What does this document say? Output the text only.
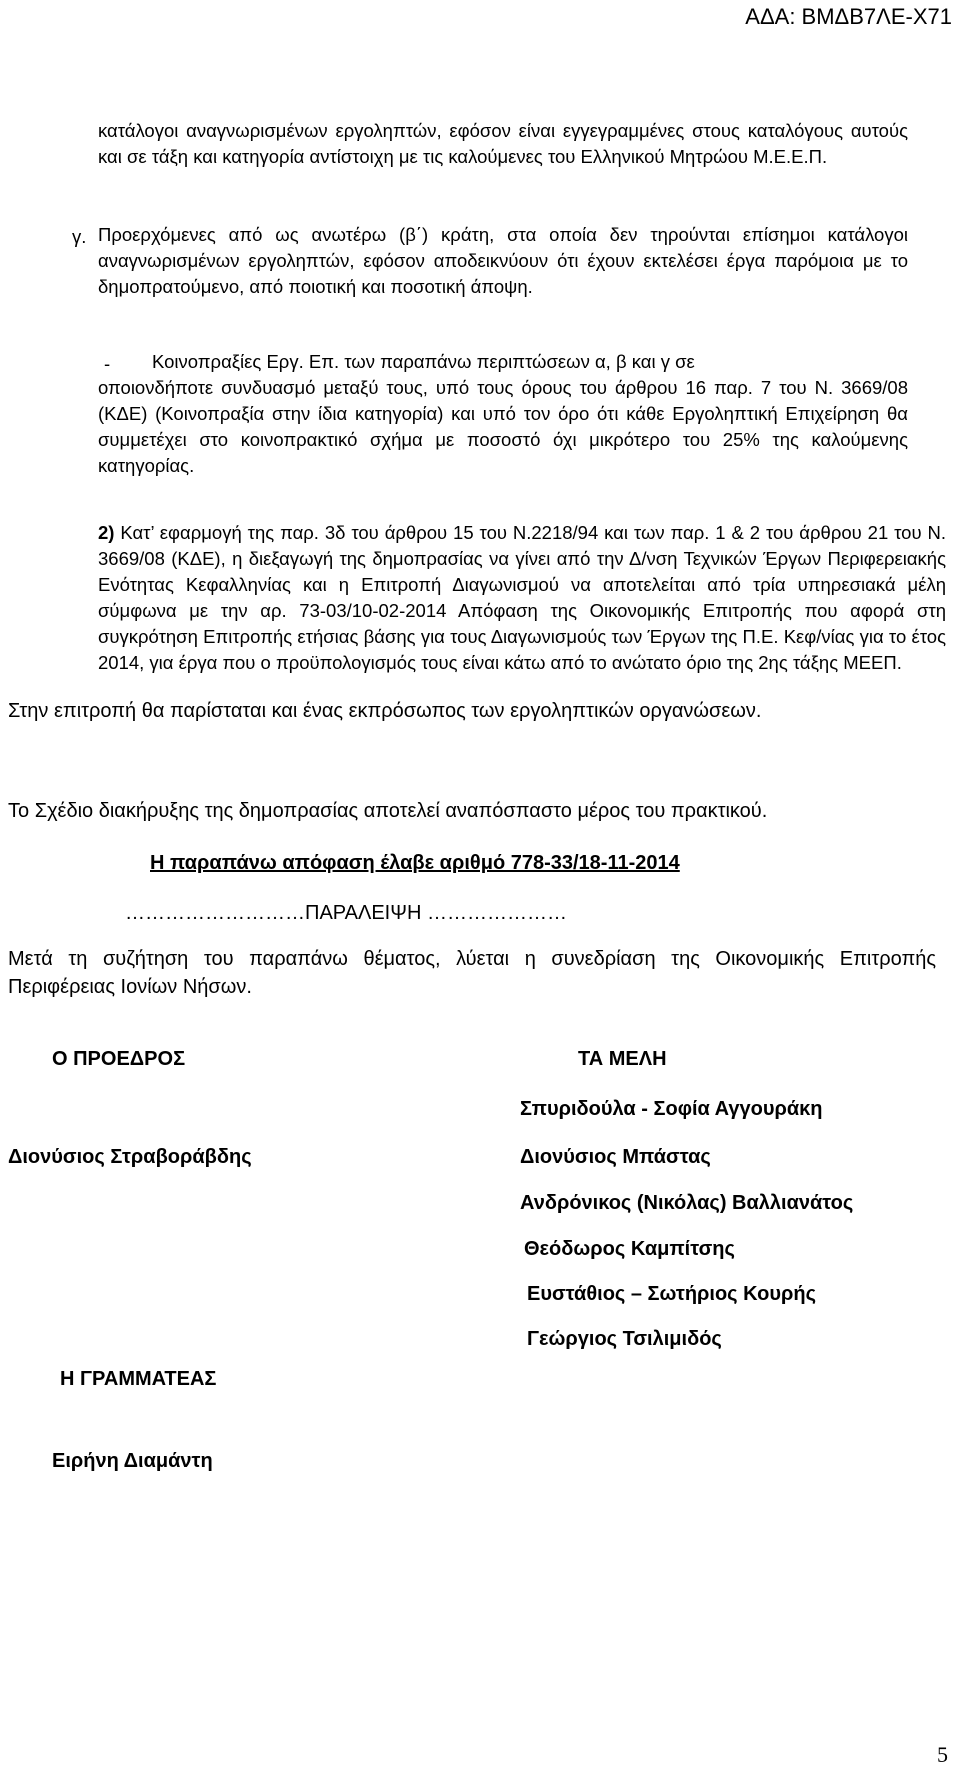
ΑΔΑ: ΒΜΔΒ7ΛΕ-Χ71
κατάλογοι αναγνωρισμένων εργοληπτών, εφόσον είναι εγγεγραμμένες στους καταλόγους αυτούς και σε τάξη και κατηγορία αντίστοιχη με τις καλούμενες του Ελληνικού Μητρώου Μ.Ε.Ε.Π.
γ. Προερχόμενες από ως ανωτέρω (β΄) κράτη, στα οποία δεν τηρούνται επίσημοι κατάλογοι αναγνωρισμένων εργοληπτών, εφόσον αποδεικνύουν ότι έχουν εκτελέσει έργα παρόμοια με το δημοπρατούμενο, από ποιοτική και ποσοτική άποψη.
- Κοινοπραξίες Εργ. Επ. των παραπάνω περιπτώσεων α, β και γ σε
οποιονδήποτε συνδυασμό μεταξύ τους, υπό τους όρους του άρθρου 16 παρ. 7 του Ν. 3669/08 (ΚΔΕ) (Κοινοπραξία στην ίδια κατηγορία) και υπό τον όρο ότι κάθε Εργοληπτική Επιχείρηση θα συμμετέχει στο κοινοπρακτικό σχήμα με ποσοστό όχι μικρότερο του 25% της καλούμενης κατηγορίας.
2) Κατ’ εφαρμογή της παρ. 3δ του άρθρου 15 του Ν.2218/94 και των παρ. 1 & 2 του άρθρου 21 του Ν. 3669/08 (ΚΔΕ), η διεξαγωγή της δημοπρασίας να γίνει από την Δ/νση Τεχνικών Έργων Περιφερειακής Ενότητας Κεφαλληνίας και η Επιτροπή Διαγωνισμού να αποτελείται από τρία υπηρεσιακά μέλη σύμφωνα με την αρ. 73-03/10-02-2014 Απόφαση της Οικονομικής Επιτροπής που αφορά στη συγκρότηση Επιτροπής ετήσιας βάσης για τους Διαγωνισμούς των Έργων της Π.Ε. Κεφ/νίας για το έτος 2014, για έργα που ο προϋπολογισμός τους είναι κάτω από το ανώτατο όριο της 2ης τάξης ΜΕΕΠ.
Στην επιτροπή θα παρίσταται και ένας εκπρόσωπος των εργοληπτικών οργανώσεων.
Το Σχέδιο διακήρυξης της δημοπρασίας αποτελεί αναπόσπαστο μέρος του πρακτικού.
Η παραπάνω απόφαση έλαβε αριθμό 778-33/18-11-2014
………………………ΠΑΡΑΛΕΙΨΗ …………………
Μετά τη συζήτηση του παραπάνω θέματος, λύεται η συνεδρίαση της Οικονομικής Επιτροπής Περιφέρειας Ιονίων Νήσων.
Ο ΠΡΟΕΔΡΟΣ
Διονύσιος Στραβοράβδης
ΤΑ ΜΕΛΗ
Σπυριδούλα - Σοφία Αγγουράκη
Διονύσιος Μπάστας
Ανδρόνικος (Νικόλας) Βαλλιανάτος
Θεόδωρος Καμπίτσης
Ευστάθιος – Σωτήριος Κουρής
Γεώργιος Τσιλιμιδός
Η ΓΡΑΜΜΑΤΕΑΣ
Ειρήνη Διαμάντη
5
